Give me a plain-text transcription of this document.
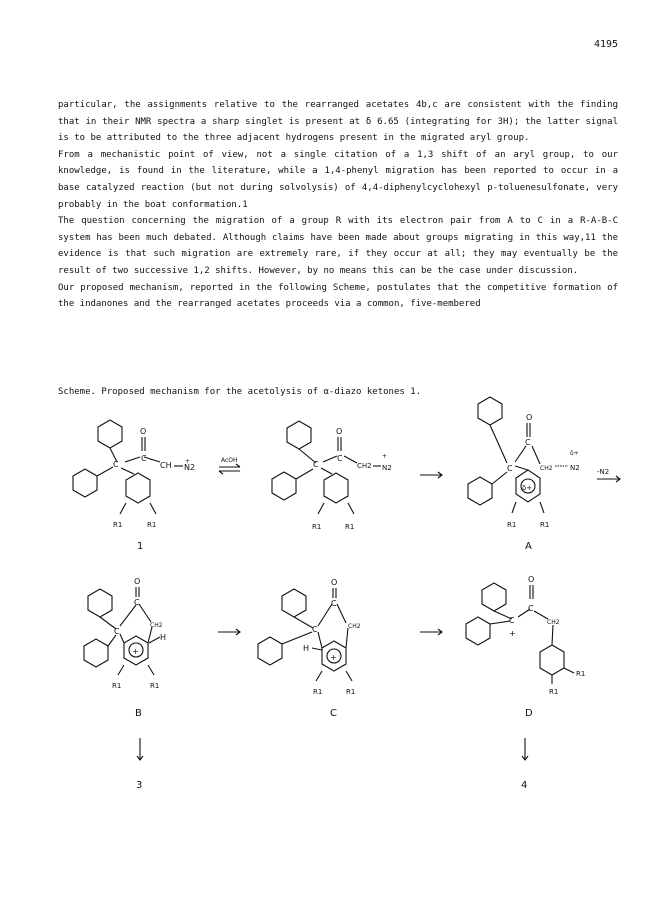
4195

particular, the assignments relative to the rearranged acetates 4b,c are consistent with the finding that in their NMR spectra a sharp singlet is present at δ 6.65 (integrating for 3H); the latter signal is to be attributed to the three adjacent hydrogens present in the migrated aryl group.

From a mechanistic point of view, not a single citation of a 1,3 shift of an aryl group, to our knowledge, is found in the literature, while a 1,4-phenyl migration has been reported to occur in a base catalyzed reaction (but not during solvolysis) of 4,4-diphenylcyclohexyl p-toluenesulfonate, very probably in the boat conformation.1

The question concerning the migration of a group R with its electron pair from A to C in a R-A-B-C system has been much debated. Although claims have been made about groups migrating in this way,11 the evidence is that such migration are extremely rare, if they occur at all; they may eventually be the result of two successive 1,2 shifts. However, by no means this can be the case under discussion.

Our proposed mechanism, reported in the following Scheme, postulates that the competitive formation of the indanones and the rearranged acetates proceeds via a common, five-membered

Scheme. Proposed mechanism for the acetolysis of α-diazo ketones 1.
C
O
C –
CH +
N2
R1	R1
AcOH	C
O
C
CH2
+
N2
R1	R1
δ+
C
O
C
CH2
δ+
N2
R1	R1
-N2
+
C
O
C
CH2
H
R1	R1
+
C
O
C
CH2
H
R1	R1
C
+
O
C
CH2
R1
R1
1	A
B	C	D
3	4
